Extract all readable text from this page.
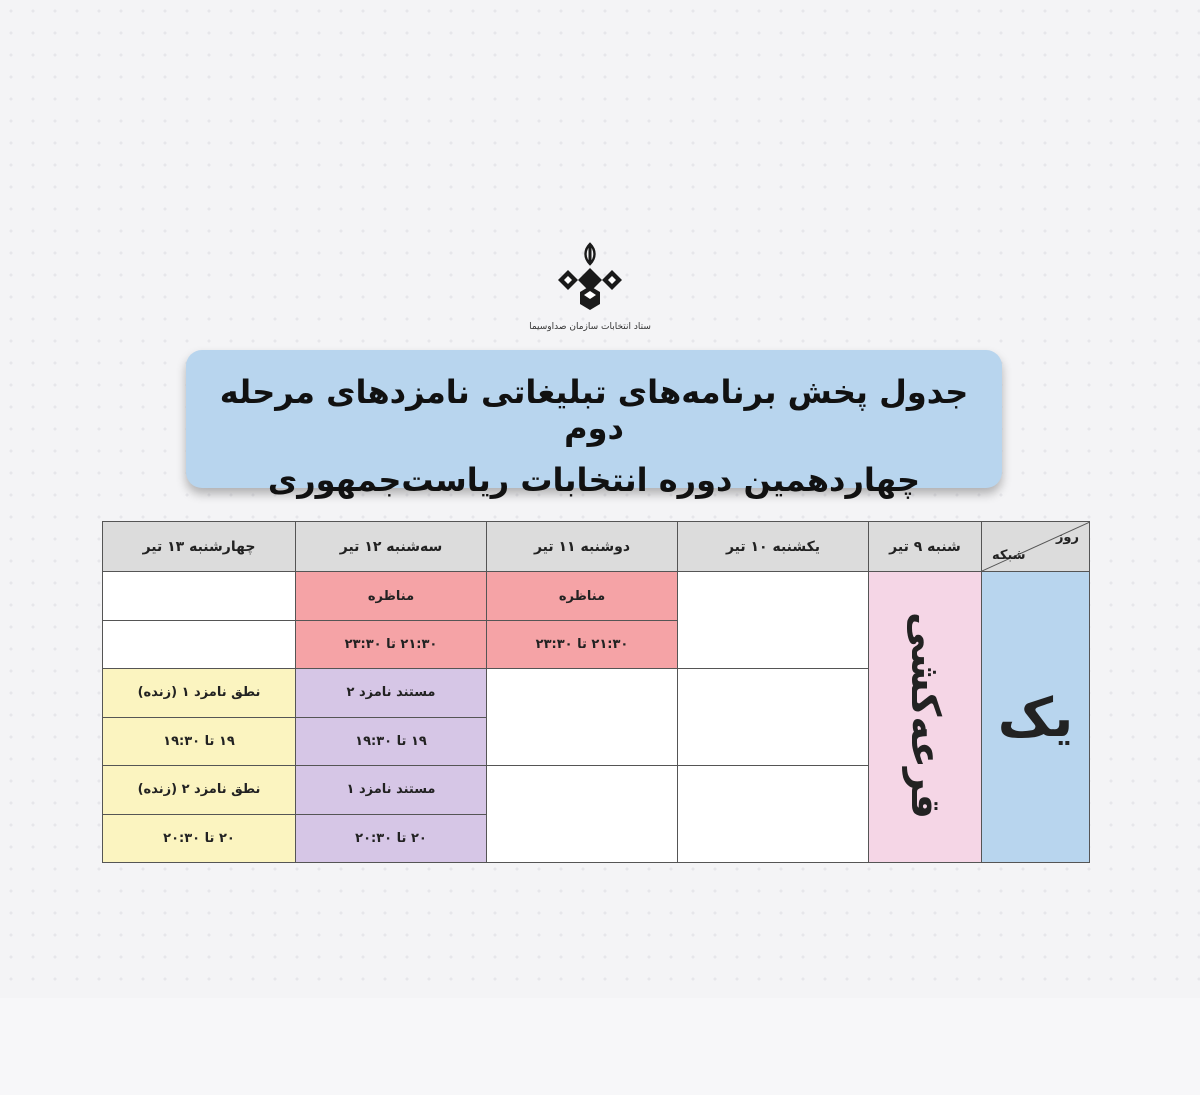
ستاد انتخابات سازمان صداوسیما
جدول پخش برنامه‌های تبلیغاتی نامزدهای مرحله دوم
چهاردهمین دوره انتخابات ریاست‌جمهوری
روز
شبکه	شنبه ۹ تیر	یکشنبه ۱۰ تیر	دوشنبه ۱۱ تیر	سه‌شنبه ۱۲ تیر	چهارشنبه ۱۳ تیر
یک	قرعه‌کشی		مناظره	مناظره	
			۲۱:۳۰ تا ۲۳:۳۰	۲۱:۳۰ تا ۲۳:۳۰	
				مستند نامزد ۲	نطق نامزد ۱ (زنده)
				۱۹ تا ۱۹:۳۰	۱۹ تا ۱۹:۳۰
				مستند نامزد ۱	نطق نامزد ۲ (زنده)
				۲۰ تا ۲۰:۳۰	۲۰ تا ۲۰:۳۰
